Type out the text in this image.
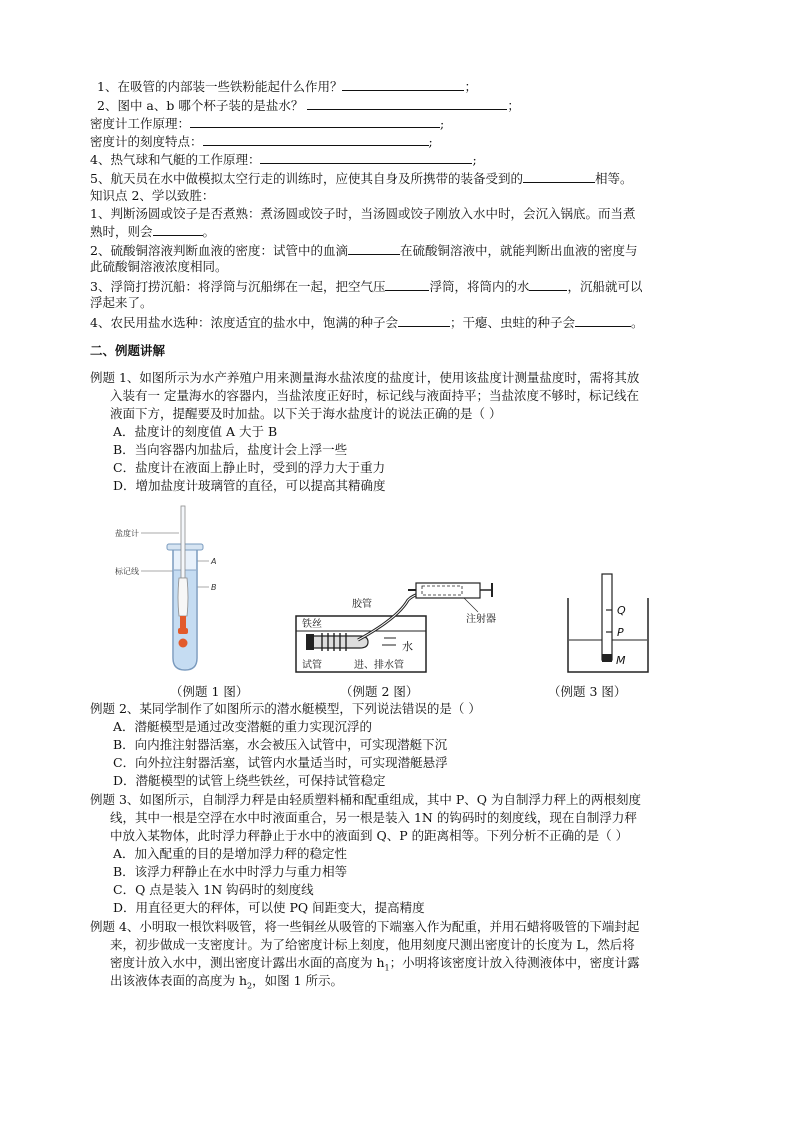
1、在吸管的内部装一些铁粉能起什么作用？	；
2、图中 a、b 哪个杯子装的是盐水？	；
密度计工作原理：	;
密度计的刻度特点：	;
4、热气球和气艇的工作原理：	;
5、航天员在水中做模拟太空行走的训练时，应使其自身及所携带的装备受到的	相等。
知识点 2、学以致胜：
1、判断汤圆或饺子是否煮熟：煮汤圆或饺子时，当汤圆或饺子刚放入水中时，会沉入锅底。而当煮
熟时，则会	。
2、硫酸铜溶液判断血液的密度：试管中的血滴	在硫酸铜溶液中，就能判断出血液的密度与
此硫酸铜溶液浓度相同。
3、浮筒打捞沉船：将浮筒与沉船绑在一起，把空气压	浮筒，将筒内的水	，沉船就可以
浮起来了。
4、农民用盐水选种：浓度适宜的盐水中，饱满的种子会	；干瘪、虫蛀的种子会	。
二、例题讲解
例题 1、如图所示为水产养殖户用来测量海水盐浓度的盐度计，使用该盐度计测量盐度时，需将其放
入装有一 定量海水的容器内，当盐浓度正好时，标记线与液面持平；当盐浓度不够时，标记线在
液面下方，提醒要及时加盐。以下关于海水盐度计的说法正确的是（ ）
A．盐度计的刻度值 A 大于 B
B．当向容器内加盐后，盐度计会上浮一些
C．盐度计在液面上静止时，受到的浮力大于重力
D．增加盐度计玻璃管的直径，可以提高其精确度
盐度计
标记线
A
B
（例题 1 图）
水
胶管
铁丝	注射器
试管	进、排水管
（例题 2 图）
Q
P
M
（例题 3 图）
例题 2、某同学制作了如图所示的潜水艇模型，下列说法错误的是（ ）
A．潜艇模型是通过改变潜艇的重力实现沉浮的
B．向内推注射器活塞，水会被压入试管中，可实现潜艇下沉
C．向外拉注射器活塞，试管内水量适当时，可实现潜艇悬浮
D．潜艇模型的试管上绕些铁丝，可保持试管稳定
例题 3、如图所示，自制浮力秤是由轻质塑料桶和配重组成，其中 P、Q 为自制浮力秤上的两根刻度
线，其中一根是空浮在水中时液面重合，另一根是装入 1N 的钩码时的刻度线，现在自制浮力秤
中放入某物体，此时浮力秤静止于水中的液面到 Q、P 的距离相等。下列分析不正确的是（ ）
A．加入配重的目的是增加浮力秤的稳定性
B．该浮力秤静止在水中时浮力与重力相等
C．Q 点是装入 1N 钩码时的刻度线
D．用直径更大的秤体，可以使 PQ 间距变大，提高精度
例题 4、小明取一根饮料吸管，将一些铜丝从吸管的下端塞入作为配重，并用石蜡将吸管的下端封起
来，初步做成一支密度计。为了给密度计标上刻度，他用刻度尺测出密度计的长度为 L，然后将
密度计放入水中，测出密度计露出水面的高度为 $h_1$；小明将该密度计放入待测液体中，密度计露
出该液体表面的高度为 $h_2$，如图 1 所示。
